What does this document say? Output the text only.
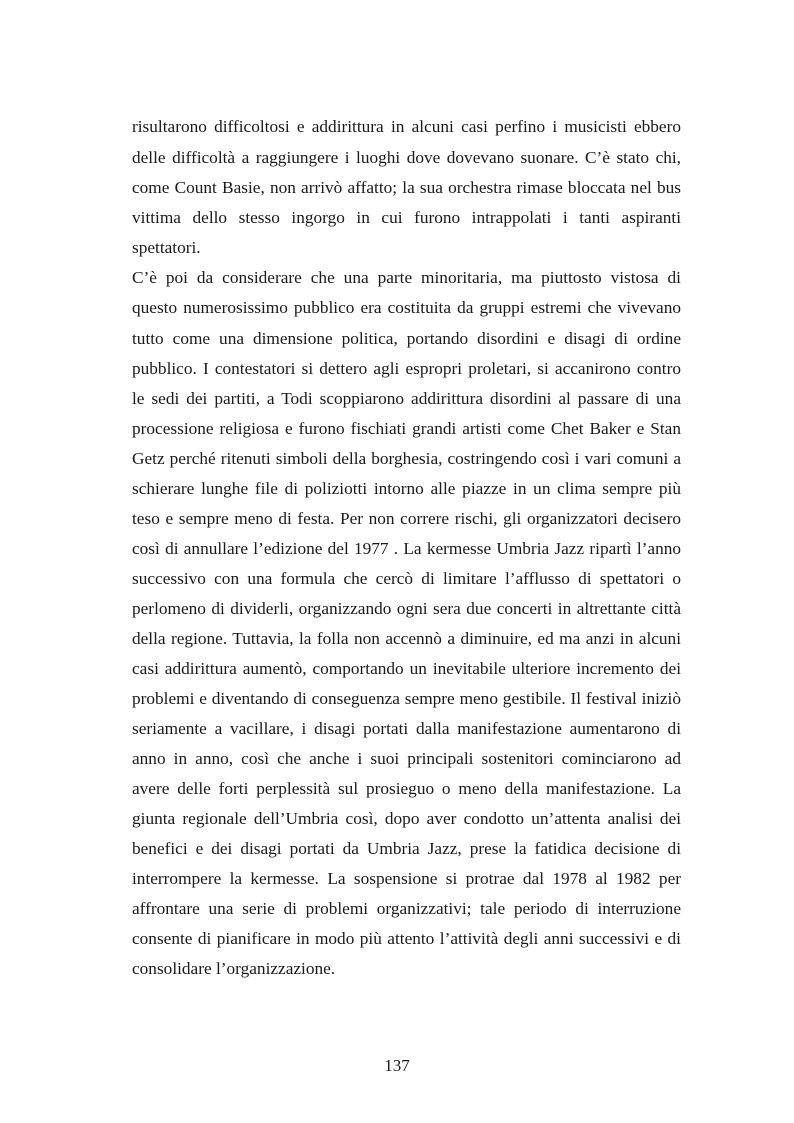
risultarono difficoltosi e addirittura in alcuni casi perfino i musicisti ebbero
delle difficoltà a raggiungere i luoghi dove dovevano suonare. C’è stato chi,
come Count Basie, non arrivò affatto; la sua orchestra rimase bloccata nel bus
vittima dello stesso ingorgo in cui furono intrappolati i tanti aspiranti
spettatori.
C’è poi da considerare che una parte minoritaria, ma piuttosto vistosa di
questo numerosissimo pubblico era costituita da gruppi estremi che vivevano
tutto come una dimensione politica, portando disordini e disagi di ordine
pubblico. I contestatori si dettero agli espropri proletari, si accanirono contro
le sedi dei partiti, a Todi scoppiarono addirittura disordini al passare di una
processione religiosa e furono fischiati grandi artisti come Chet Baker e Stan
Getz perché ritenuti simboli della borghesia, costringendo così i vari comuni a
schierare lunghe file di poliziotti intorno alle piazze in un clima sempre più
teso e sempre meno di festa. Per non correre rischi, gli organizzatori decisero
così di annullare l’edizione del 1977 . La kermesse Umbria Jazz ripartì l’anno
successivo con una formula che cercò di limitare l’afflusso di spettatori o
perlomeno di dividerli, organizzando ogni sera due concerti in altrettante città
della regione. Tuttavia, la folla non accennò a diminuire, ed ma anzi in alcuni
casi addirittura aumentò, comportando un inevitabile ulteriore incremento dei
problemi e diventando di conseguenza sempre meno gestibile. Il festival iniziò
seriamente a vacillare, i disagi portati dalla manifestazione aumentarono di
anno in anno, così che anche i suoi principali sostenitori cominciarono ad
avere delle forti perplessità sul prosieguo o meno della manifestazione. La
giunta regionale dell’Umbria così, dopo aver condotto un’attenta analisi dei
benefici e dei disagi portati da Umbria Jazz, prese la fatidica decisione di
interrompere la kermesse. La sospensione si protrae dal 1978 al 1982 per
affrontare una serie di problemi organizzativi; tale periodo di interruzione
consente di pianificare in modo più attento l’attività degli anni successivi e di
consolidare l’organizzazione.
137
